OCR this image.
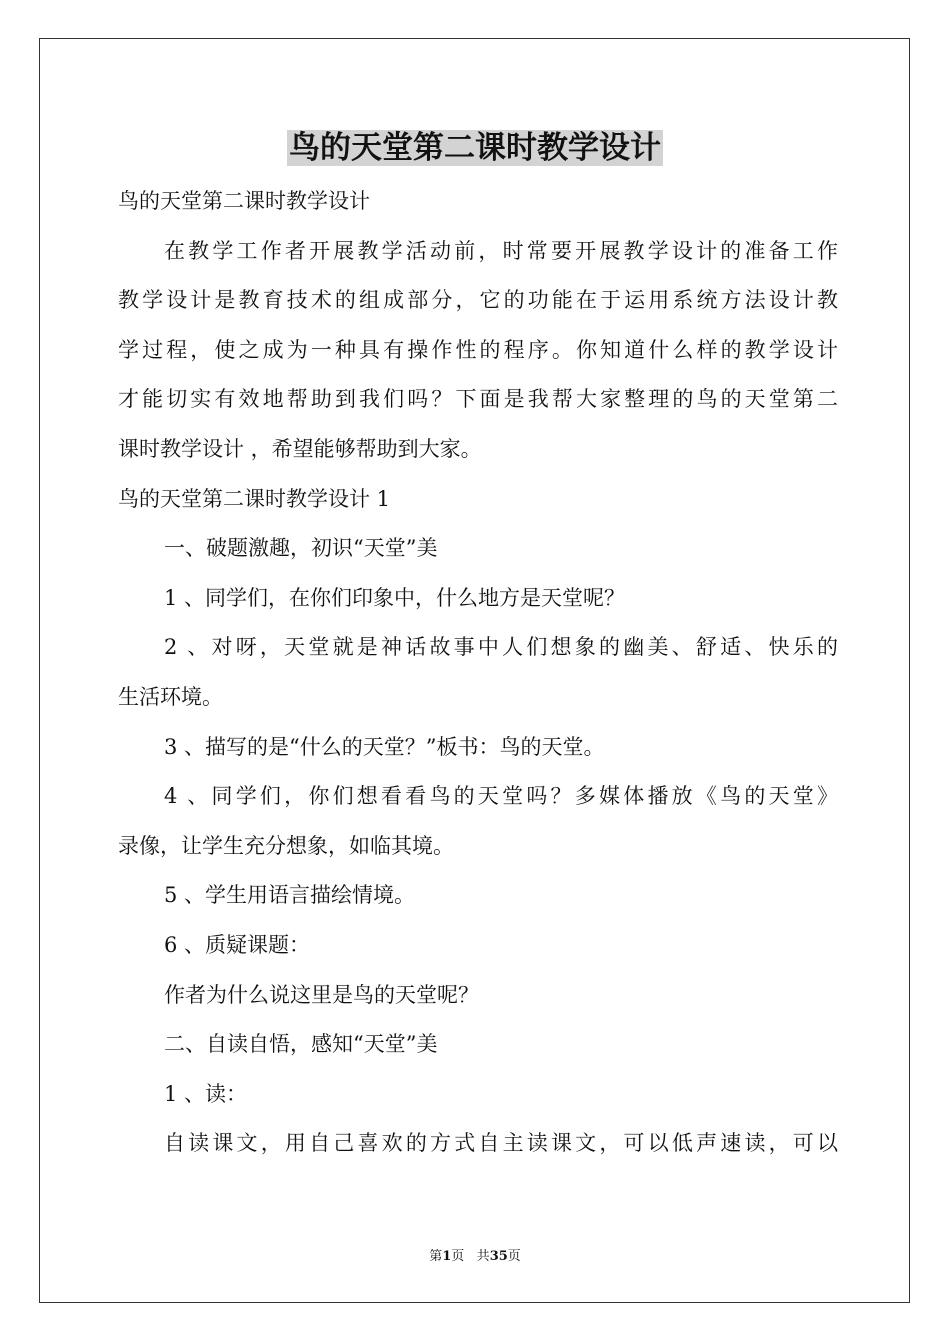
鸟的天堂第二课时教学设计
鸟的天堂第二课时教学设计
在教学工作者开展教学活动前，时常要开展教学设计的准备工作
教学设计是教育技术的组成部分，它的功能在于运用系统方法设计教
学过程，使之成为一种具有操作性的程序。你知道什么样的教学设计
才能切实有效地帮助到我们吗？下面是我帮大家整理的鸟的天堂第二
课时教学设计 ，希望能够帮助到大家。
鸟的天堂第二课时教学设计 1
一、破题激趣，初识“天堂”美
1 、同学们，在你们印象中，什么地方是天堂呢？
2 、对呀，天堂就是神话故事中人们想象的幽美、舒适、快乐的
生活环境。
3 、描写的是“什么的天堂？”板书：鸟的天堂。
4 、同学们，你们想看看鸟的天堂吗？多媒体播放《鸟的天堂》
录像，让学生充分想象，如临其境。
5 、学生用语言描绘情境。
6 、质疑课题：
作者为什么说这里是鸟的天堂呢？
二、自读自悟，感知“天堂”美
1 、读：
自读课文，用自己喜欢的方式自主读课文，可以低声速读，可以
第1页 共35页
